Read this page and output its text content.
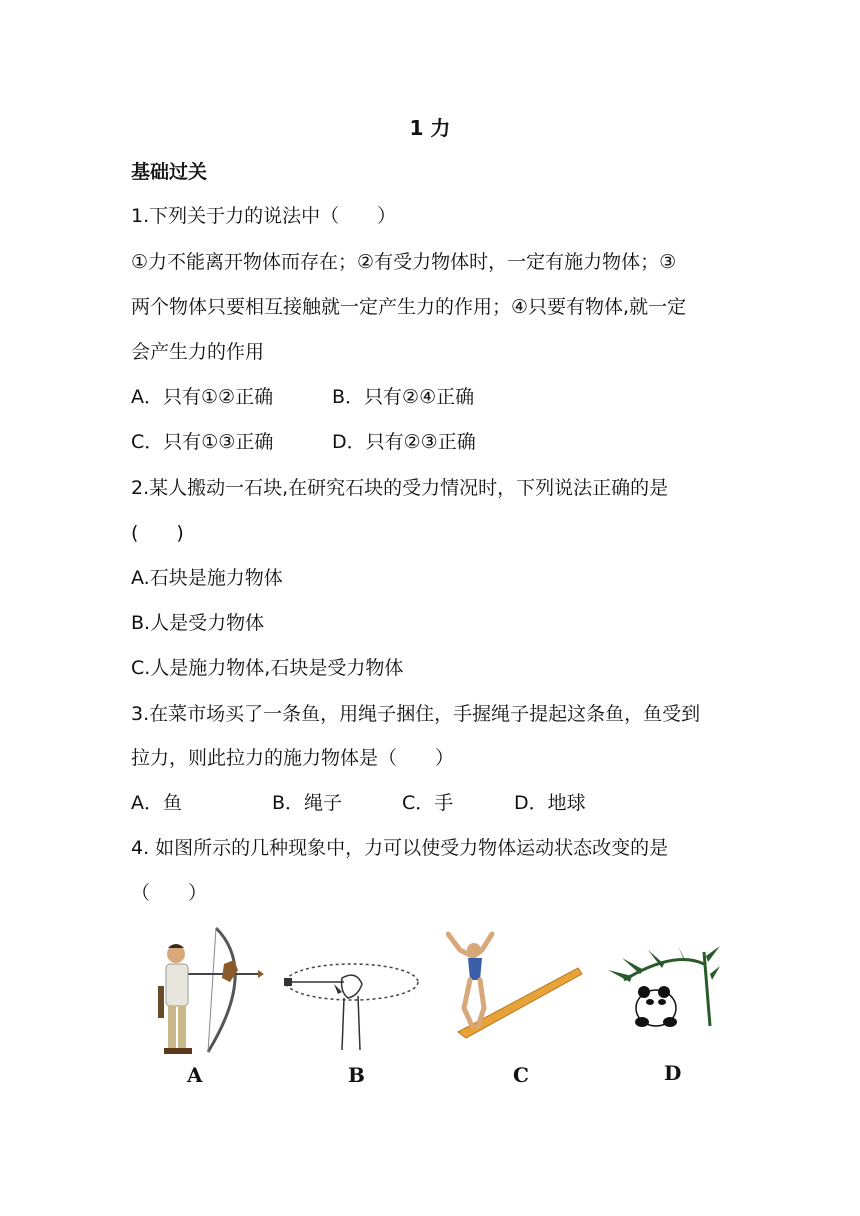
1 力
基础过关
1.下列关于力的说法中（　　）
①力不能离开物体而存在；②有受力物体时，一定有施力物体；③
两个物体只要相互接触就一定产生力的作用；④只要有物体,就一定
会产生力的作用
A．只有①②正确	B．只有②④正确
C．只有①③正确	D．只有②③正确
2.某人搬动一石块,在研究石块的受力情况时，下列说法正确的是
(　　)
A.石块是施力物体
B.人是受力物体
C.人是施力物体,石块是受力物体
3.在菜市场买了一条鱼，用绳子捆住，手握绳子提起这条鱼，鱼受到
拉力，则此拉力的施力物体是（　　）
A．鱼	B．绳子	C．手	D．地球
4. 如图所示的几种现象中，力可以使受力物体运动状态改变的是
（　　）
A	B	C	D
